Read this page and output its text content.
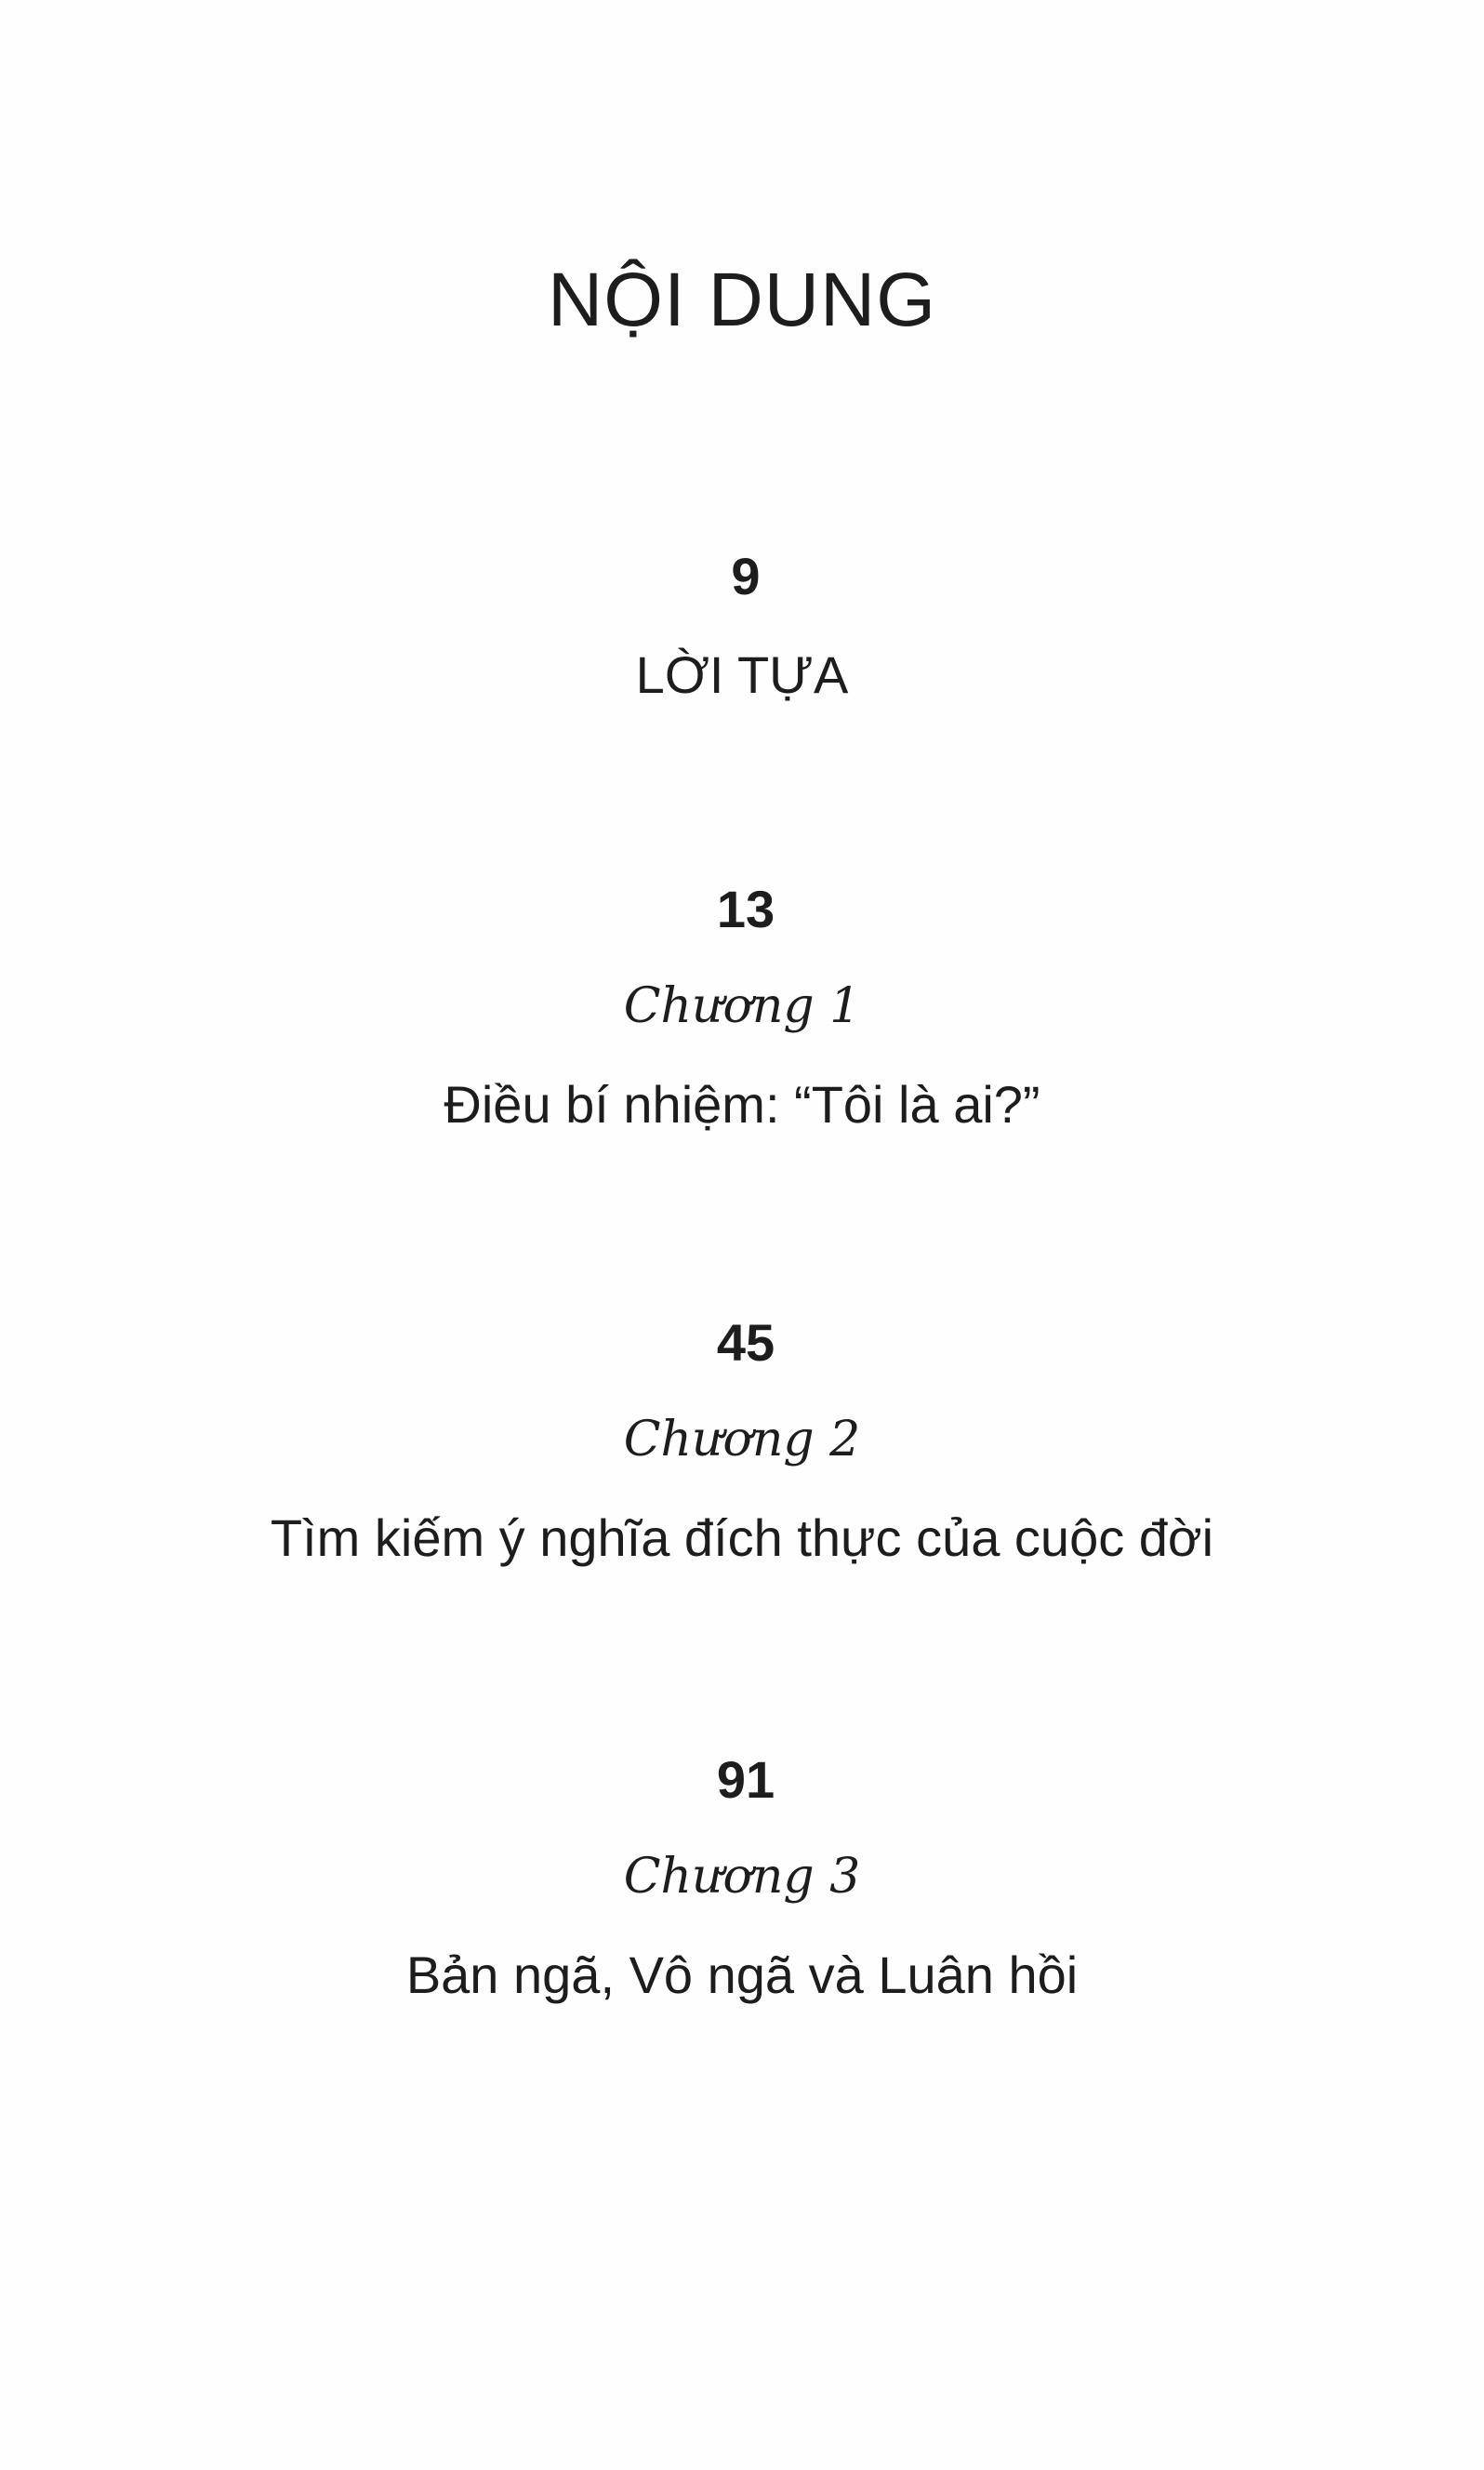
NỘI DUNG
9
LỜI TỰA
13
Chương 1
Điều bí nhiệm: “Tôi là ai?”
45
Chương 2
Tìm kiếm ý nghĩa đích thực của cuộc đời
91
Chương 3
Bản ngã, Vô ngã và Luân hồi
